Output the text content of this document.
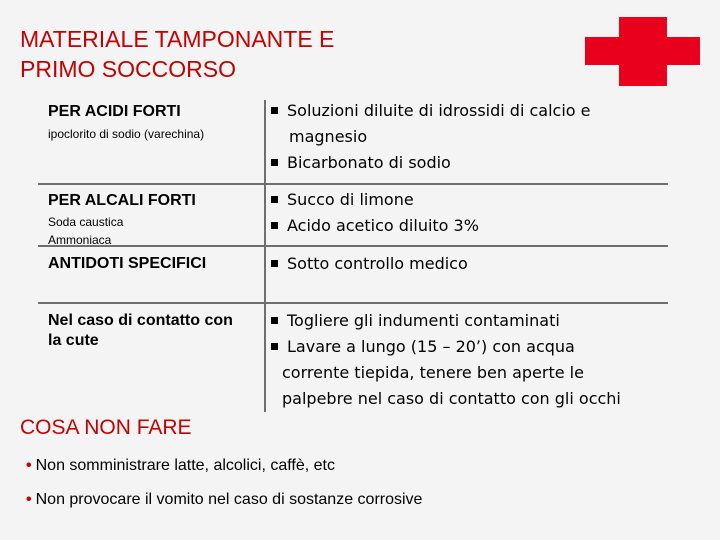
MATERIALE TAMPONANTE E
PRIMO SOCCORSO
PER ACIDI FORTI
ipoclorito di sodio (varechina)
Soluzioni diluite di idrossidi di calcio e
magnesio
Bicarbonato di sodio
PER ALCALI FORTI
Soda caustica
Ammoniaca
Succo di limone
Acido acetico diluito 3%
ANTIDOTI SPECIFICI	Sotto controllo medico
Nel caso di contatto con
la cute
Togliere gli indumenti contaminati
Lavare a lungo (15 – 20’) con acqua
corrente tiepida, tenere ben aperte le
palpebre nel caso di contatto con gli occhi
COSA NON FARE
• Non somministrare latte, alcolici, caffè, etc
• Non provocare il vomito nel caso di sostanze corrosive
